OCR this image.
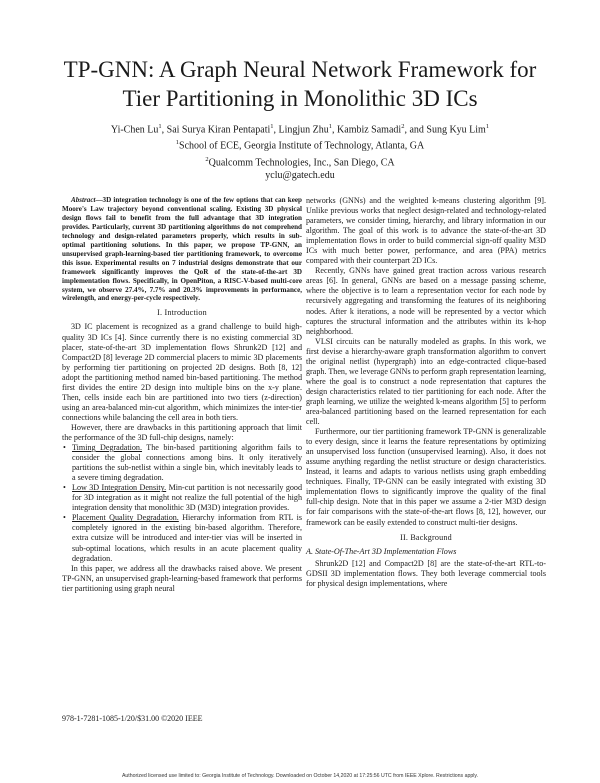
TP-GNN: A Graph Neural Network Framework for
Tier Partitioning in Monolithic 3D ICs
Yi-Chen Lu$^1$, Sai Surya Kiran Pentapati$^1$, Lingjun Zhu$^1$, Kambiz Samadi$^2$, and Sung Kyu Lim$^1$
$^1$School of ECE, Georgia Institute of Technology, Atlanta, GA
$^2$Qualcomm Technologies, Inc., San Diego, CA
yclu@gatech.edu

Abstract—3D integration technology is one of the few options that can keep Moore's Law trajectory beyond conventional scaling. Existing 3D physical design flows fail to benefit from the full advantage that 3D integration provides. Particularly, current 3D partitioning algorithms do not comprehend technology and design-related parameters properly, which results in sub-optimal partitioning solutions. In this paper, we propose TP-GNN, an unsupervised graph-learning-based tier partitioning framework, to overcome this issue. Experimental results on 7 industrial designs demonstrate that our framework significantly improves the QoR of the state-of-the-art 3D implementation flows. Specifically, in OpenPiton, a RISC-V-based multi-core system, we observe 27.4%, 7.7% and 20.3% improvements in performance, wirelength, and energy-per-cycle respectively.

I. Introduction

3D IC placement is recognized as a grand challenge to build high-quality 3D ICs [4]. Since currently there is no existing commercial 3D placer, state-of-the-art 3D implementation flows Shrunk2D [12] and Compact2D [8] leverage 2D commercial placers to mimic 3D placements by performing tier partitioning on projected 2D designs. Both [8, 12] adopt the partitioning method named bin-based partitioning. The method first divides the entire 2D design into multiple bins on the x-y plane. Then, cells inside each bin are partitioned into two tiers (z-direction) using an area-balanced min-cut algorithm, which minimizes the inter-tier connections while balancing the cell area in both tiers.

However, there are drawbacks in this partitioning approach that limit the performance of the 3D full-chip designs, namely:

• Timing Degradation. The bin-based partitioning algorithm fails to consider the global connections among bins. It only iteratively partitions the sub-netlist within a single bin, which inevitably leads to a severe timing degradation.
• Low 3D Integration Density. Min-cut partition is not necessarily good for 3D integration as it might not realize the full potential of the high integration density that monolithic 3D (M3D) integration provides.
• Placement Quality Degradation. Hierarchy information from RTL is completely ignored in the existing bin-based algorithm. Therefore, extra cutsize will be introduced and inter-tier vias will be inserted in sub-optimal locations, which results in an acute placement quality degradation.

In this paper, we address all the drawbacks raised above. We present TP-GNN, an unsupervised graph-learning-based framework that performs tier partitioning using graph neural

networks (GNNs) and the weighted k-means clustering algorithm [9]. Unlike previous works that neglect design-related and technology-related parameters, we consider timing, hierarchy, and library information in our algorithm. The goal of this work is to advance the state-of-the-art 3D implementation flows in order to build commercial sign-off quality M3D ICs with much better power, performance, and area (PPA) metrics compared with their counterpart 2D ICs.

Recently, GNNs have gained great traction across various research areas [6]. In general, GNNs are based on a message passing scheme, where the objective is to learn a representation vector for each node by recursively aggregating and transforming the features of its neighboring nodes. After k iterations, a node will be represented by a vector which captures the structural information and the attributes within its k-hop neighborhood.

VLSI circuits can be naturally modeled as graphs. In this work, we first devise a hierarchy-aware graph transformation algorithm to convert the original netlist (hypergraph) into an edge-contracted clique-based graph. Then, we leverage GNNs to perform graph representation learning, where the goal is to construct a node representation that captures the design characteristics related to tier partitioning for each node. After the graph learning, we utilize the weighted k-means algorithm [5] to perform area-balanced partitioning based on the learned representation for each cell.

Furthermore, our tier partitioning framework TP-GNN is generalizable to every design, since it learns the feature representations by optimizing an unsupervised loss function (unsupervised learning). Also, it does not assume anything regarding the netlist structure or design characteristics. Instead, it learns and adapts to various netlists using graph embedding techniques. Finally, TP-GNN can be easily integrated with existing 3D implementation flows to significantly improve the quality of the final full-chip design. Note that in this paper we assume a 2-tier M3D design for fair comparisons with the state-of-the-art flows [8, 12], however, our framework can be easily extended to construct multi-tier designs.

II. Background
A. State-Of-The-Art 3D Implementation Flows

Shrunk2D [12] and Compact2D [8] are the state-of-the-art RTL-to-GDSII 3D implementation flows. They both leverage commercial tools for physical design implementations, where

978-1-7281-1085-1/20/$31.00 ©2020 IEEE
Authorized licensed use limited to: Georgia Institute of Technology. Downloaded on October 14,2020 at 17:25:56 UTC from IEEE Xplore. Restrictions apply.
